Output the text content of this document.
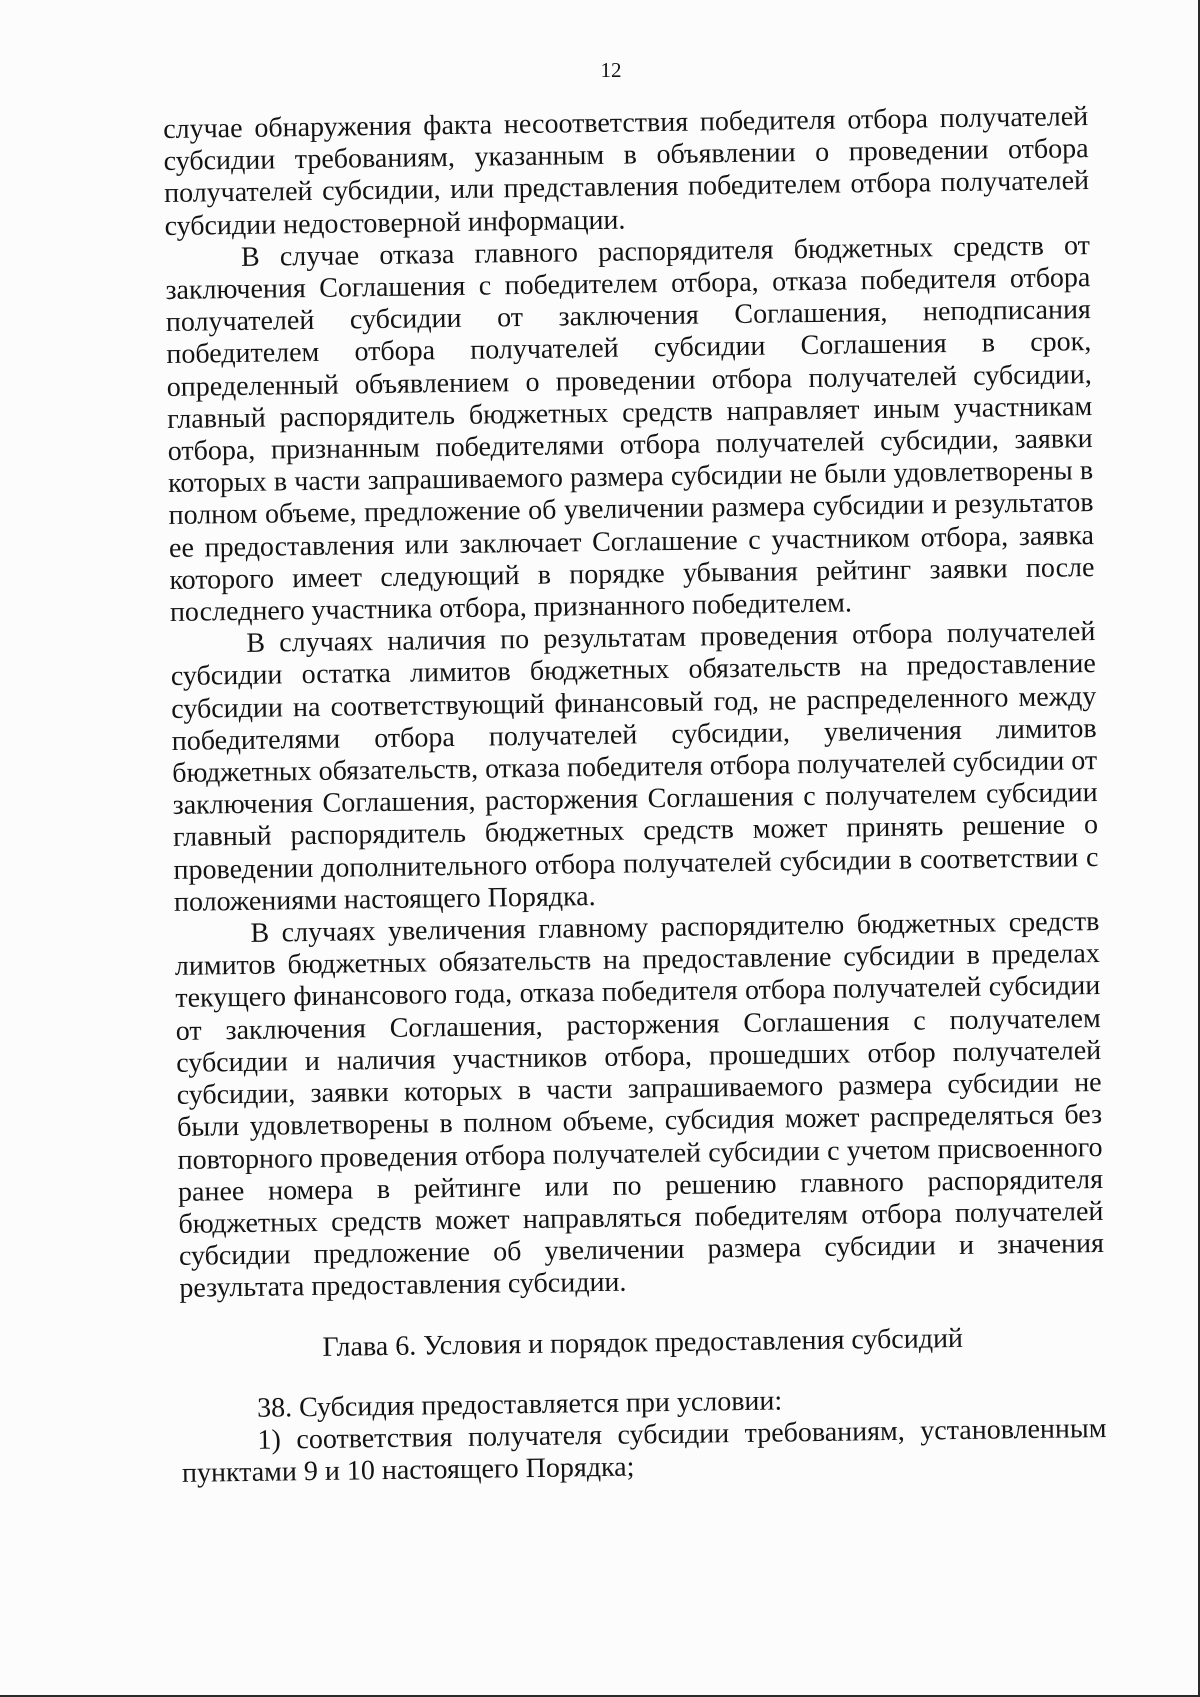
12

случае обнаружения факта несоответствия победителя отбора получателей субсидии требованиям, указанным в объявлении о проведении отбора получателей субсидии, или представления победителем отбора получателей субсидии недостоверной информации.

В случае отказа главного распорядителя бюджетных средств от заключения Соглашения с победителем отбора, отказа победителя отбора получателей субсидии от заключения Соглашения, неподписания победителем отбора получателей субсидии Соглашения в срок, определенный объявлением о проведении отбора получателей субсидии, главный распорядитель бюджетных средств направляет иным участникам отбора, признанным победителями отбора получателей субсидии, заявки которых в части запрашиваемого размера субсидии не были удовлетворены в полном объеме, предложение об увеличении размера субсидии и результатов ее предоставления или заключает Соглашение с участником отбора, заявка которого имеет следующий в порядке убывания рейтинг заявки после последнего участника отбора, признанного победителем.

В случаях наличия по результатам проведения отбора получателей субсидии остатка лимитов бюджетных обязательств на предоставление субсидии на соответствующий финансовый год, не распределенного между победителями отбора получателей субсидии, увеличения лимитов бюджетных обязательств, отказа победителя отбора получателей субсидии от заключения Соглашения, расторжения Соглашения с получателем субсидии главный распорядитель бюджетных средств может принять решение о проведении дополнительного отбора получателей субсидии в соответствии с положениями настоящего Порядка.

В случаях увеличения главному распорядителю бюджетных средств лимитов бюджетных обязательств на предоставление субсидии в пределах текущего финансового года, отказа победителя отбора получателей субсидии от заключения Соглашения, расторжения Соглашения с получателем субсидии и наличия участников отбора, прошедших отбор получателей субсидии, заявки которых в части запрашиваемого размера субсидии не были удовлетворены в полном объеме, субсидия может распределяться без повторного проведения отбора получателей субсидии с учетом присвоенного ранее номера в рейтинге или по решению главного распорядителя бюджетных средств может направляться победителям отбора получателей субсидии предложение об увеличении размера субсидии и значения результата предоставления субсидии.

Глава 6. Условия и порядок предоставления субсидий

38. Субсидия предоставляется при условии:

1) соответствия получателя субсидии требованиям, установленным пунктами 9 и 10 настоящего Порядка;
